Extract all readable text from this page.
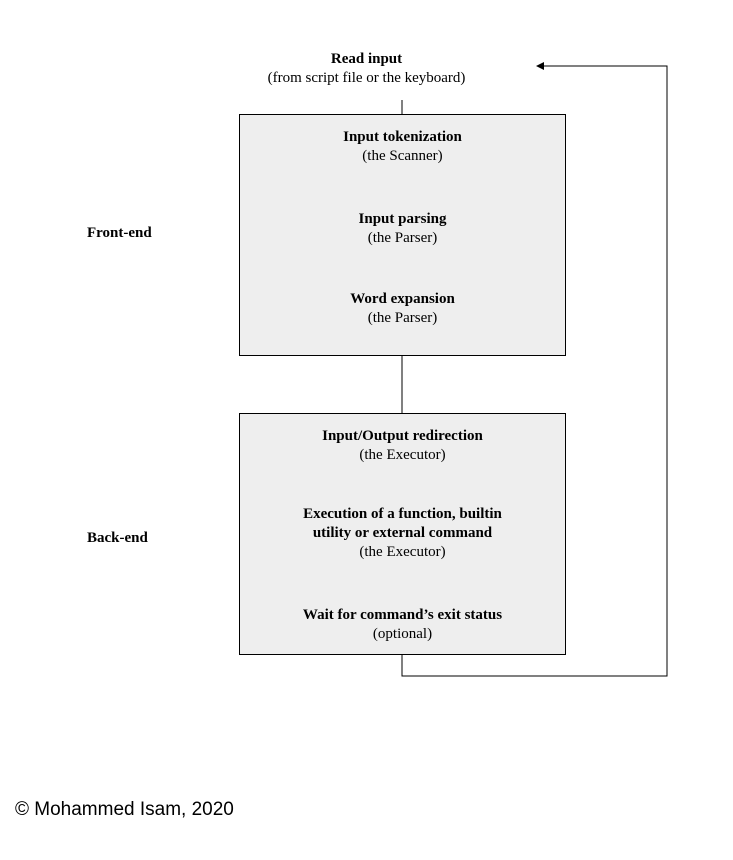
Read input
(from script file or the keyboard)
Front-end
Input tokenization
(the Scanner)
Input parsing
(the Parser)
Word expansion
(the Parser)
Back-end
Input/Output redirection
(the Executor)
Execution of a function, builtin
utility or external command
(the Executor)
Wait for command’s exit status
(optional)
© Mohammed Isam, 2020
